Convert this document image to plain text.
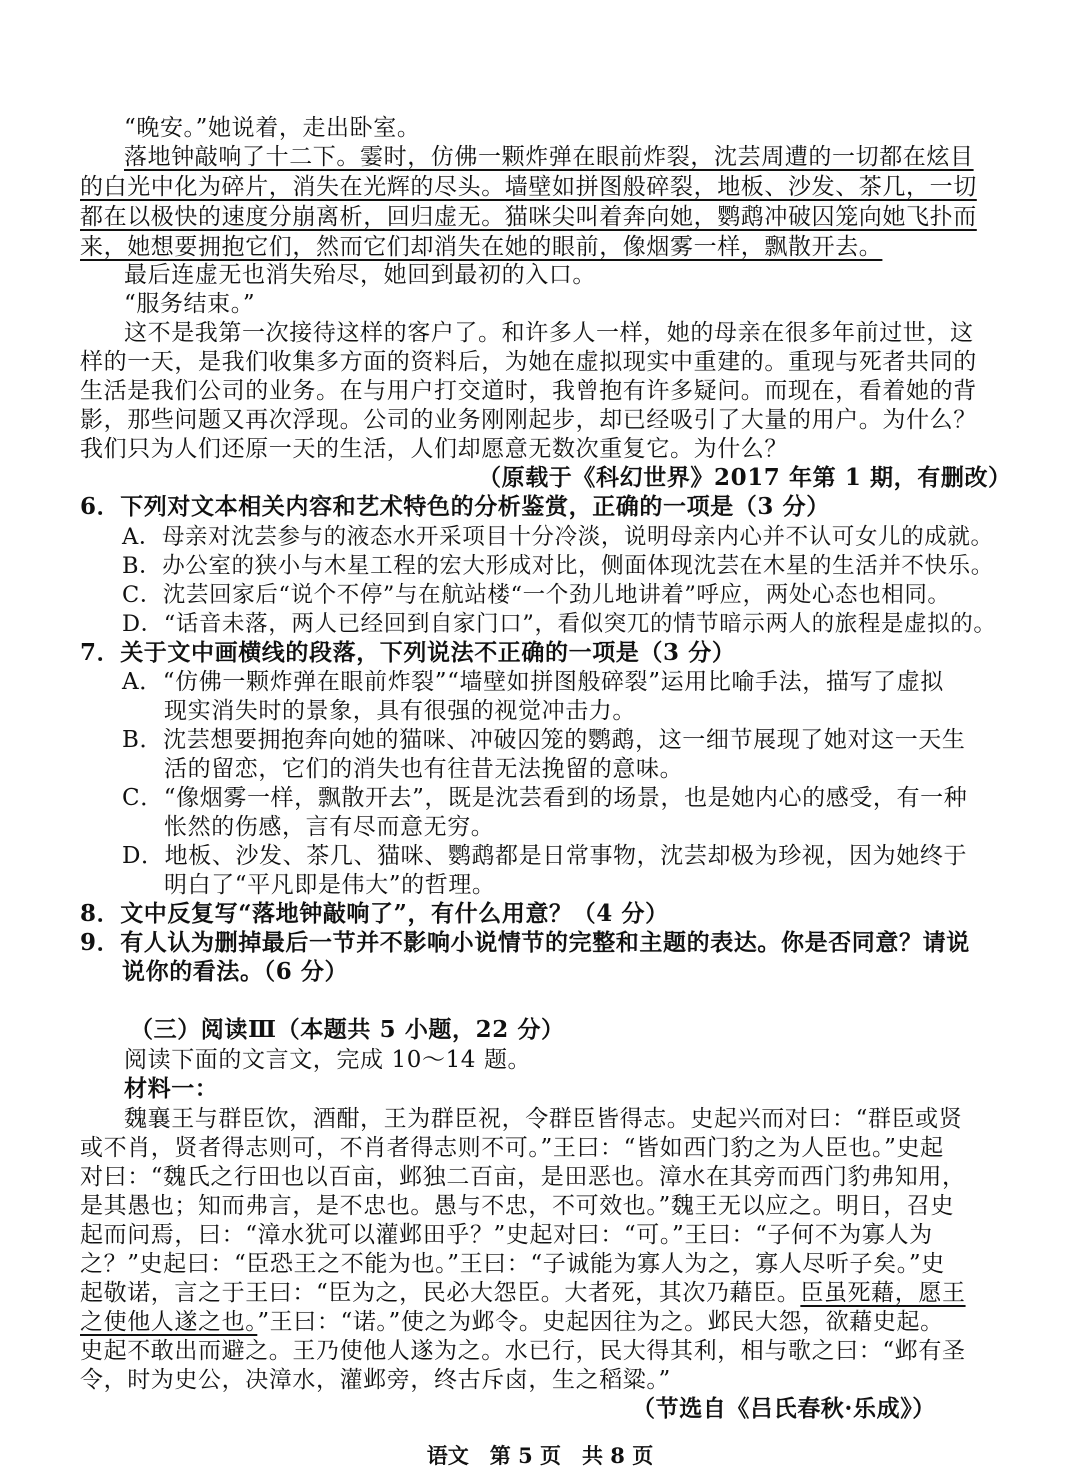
“晚安。”她说着，走出卧室。
落地钟敲响了十二下。霎时，仿佛一颗炸弹在眼前炸裂，沈芸周遭的一切都在炫目
的白光中化为碎片，消失在光辉的尽头。墙壁如拼图般碎裂，地板、沙发、茶几，一切
都在以极快的速度分崩离析，回归虚无。猫咪尖叫着奔向她，鹦鹉冲破囚笼向她飞扑而
来，她想要拥抱它们，然而它们却消失在她的眼前，像烟雾一样，飘散开去。
最后连虚无也消失殆尽，她回到最初的入口。
“服务结束。”
这不是我第一次接待这样的客户了。和许多人一样，她的母亲在很多年前过世，这
样的一天，是我们收集多方面的资料后，为她在虚拟现实中重建的。重现与死者共同的
生活是我们公司的业务。在与用户打交道时，我曾抱有许多疑问。而现在，看着她的背
影，那些问题又再次浮现。公司的业务刚刚起步，却已经吸引了大量的用户。为什么？
我们只为人们还原一天的生活，人们却愿意无数次重复它。为什么？
（原载于《科幻世界》2017 年第 1 期，有删改）
6．下列对文本相关内容和艺术特色的分析鉴赏，正确的一项是（3 分）
A．母亲对沈芸参与的液态水开采项目十分冷淡，说明母亲内心并不认可女儿的成就。
B．办公室的狭小与木星工程的宏大形成对比，侧面体现沈芸在木星的生活并不快乐。
C．沈芸回家后“说个不停”与在航站楼“一个劲儿地讲着”呼应，两处心态也相同。
D．“话音未落，两人已经回到自家门口”，看似突兀的情节暗示两人的旅程是虚拟的。
7．关于文中画横线的段落，下列说法不正确的一项是（3 分）
A．“仿佛一颗炸弹在眼前炸裂”“墙壁如拼图般碎裂”运用比喻手法，描写了虚拟
现实消失时的景象，具有很强的视觉冲击力。
B．沈芸想要拥抱奔向她的猫咪、冲破囚笼的鹦鹉，这一细节展现了她对这一天生
活的留恋，它们的消失也有往昔无法挽留的意味。
C．“像烟雾一样，飘散开去”，既是沈芸看到的场景，也是她内心的感受，有一种
怅然的伤感，言有尽而意无穷。
D．地板、沙发、茶几、猫咪、鹦鹉都是日常事物，沈芸却极为珍视，因为她终于
明白了“平凡即是伟大”的哲理。
8．文中反复写“落地钟敲响了”，有什么用意？（4 分）
9．有人认为删掉最后一节并不影响小说情节的完整和主题的表达。你是否同意？请说
说你的看法。（6 分）
（三）阅读Ⅲ（本题共 5 小题，22 分）
阅读下面的文言文，完成 10～14 题。
材料一：
魏襄王与群臣饮，酒酣，王为群臣祝，令群臣皆得志。史起兴而对曰：“群臣或贤
或不肖，贤者得志则可，不肖者得志则不可。”王曰：“皆如西门豹之为人臣也。”史起
对曰：“魏氏之行田也以百亩，邺独二百亩，是田恶也。漳水在其旁而西门豹弗知用，
是其愚也；知而弗言，是不忠也。愚与不忠，不可效也。”魏王无以应之。明日，召史
起而问焉，曰：“漳水犹可以灌邺田乎？”史起对曰：“可。”王曰：“子何不为寡人为
之？”史起曰：“臣恐王之不能为也。”王曰：“子诚能为寡人为之，寡人尽听子矣。”史
起敬诺，言之于王曰：“臣为之，民必大怨臣。大者死，其次乃藉臣。臣虽死藉，愿王
之使他人遂之也。”王曰：“诺。”使之为邺令。史起因往为之。邺民大怨，欲藉史起。
史起不敢出而避之。王乃使他人遂为之。水已行，民大得其利，相与歌之曰：“邺有圣
令，时为史公，决漳水，灌邺旁，终古斥卤，生之稻粱。”
（节选自《吕氏春秋·乐成》）
语文　第 5 页　共 8 页
